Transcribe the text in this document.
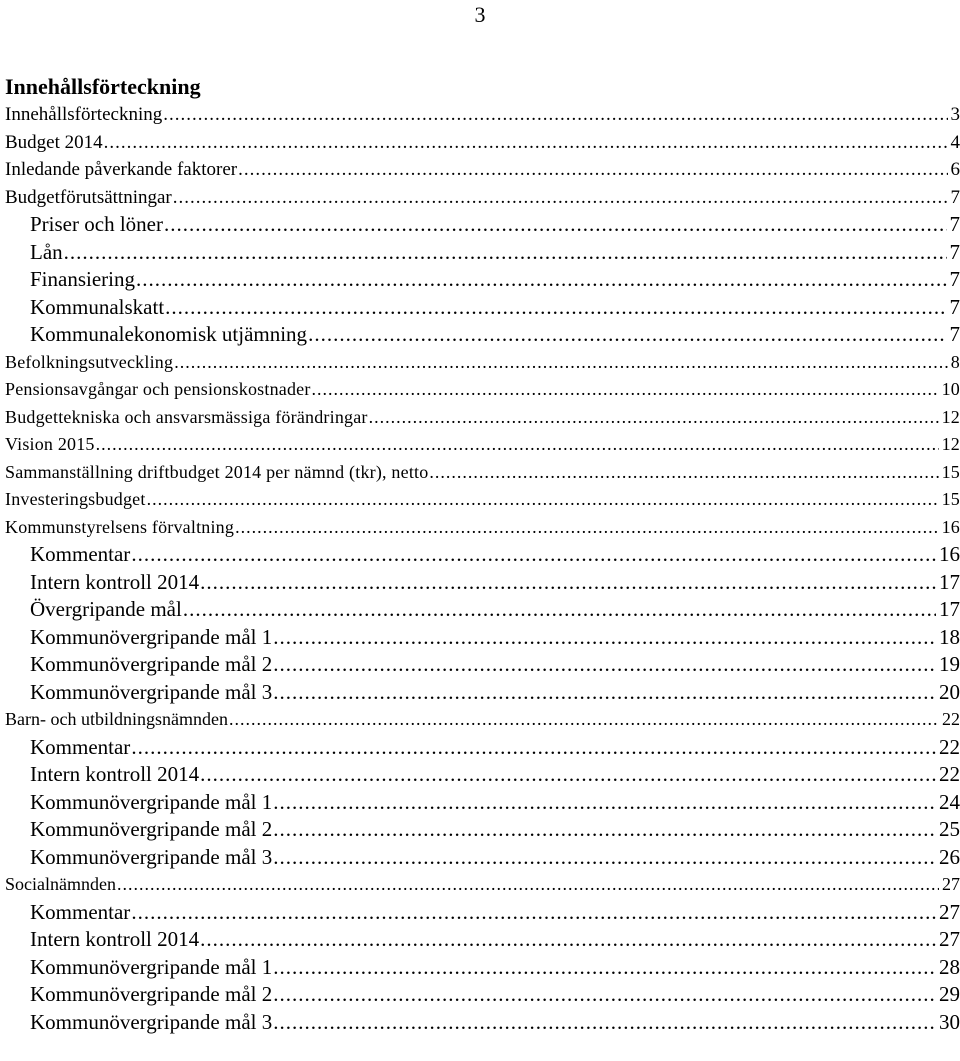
3
Innehållsförteckning
Innehållsförteckning .....	3
Budget 2014 .....	4
Inledande påverkande faktorer .....	6
Budgetförutsättningar .....	7
Priser och löner .....	7
Lån .....	7
Finansiering .....	7
Kommunalskatt .....	7
Kommunalekonomisk utjämning .....	7
Befolkningsutveckling .....	8
Pensionsavgångar och pensionskostnader .....	10
Budgettekniska och ansvarsmässiga förändringar .....	12
Vision 2015 .....	12
Sammanställning driftbudget 2014 per nämnd (tkr), netto .....	15
Investeringsbudget .....	15
Kommunstyrelsens förvaltning .....	16
Kommentar .....	16
Intern kontroll 2014 .....	17
Övergripande mål .....	17
Kommunövergripande mål 1 .....	18
Kommunövergripande mål 2 .....	19
Kommunövergripande mål 3 .....	20
Barn- och utbildningsnämnden .....	22
Kommentar .....	22
Intern kontroll 2014 .....	22
Kommunövergripande mål 1 .....	24
Kommunövergripande mål 2 .....	25
Kommunövergripande mål 3 .....	26
Socialnämnden .....	27
Kommentar .....	27
Intern kontroll 2014 .....	27
Kommunövergripande mål 1 .....	28
Kommunövergripande mål 2 .....	29
Kommunövergripande mål 3 .....	30
